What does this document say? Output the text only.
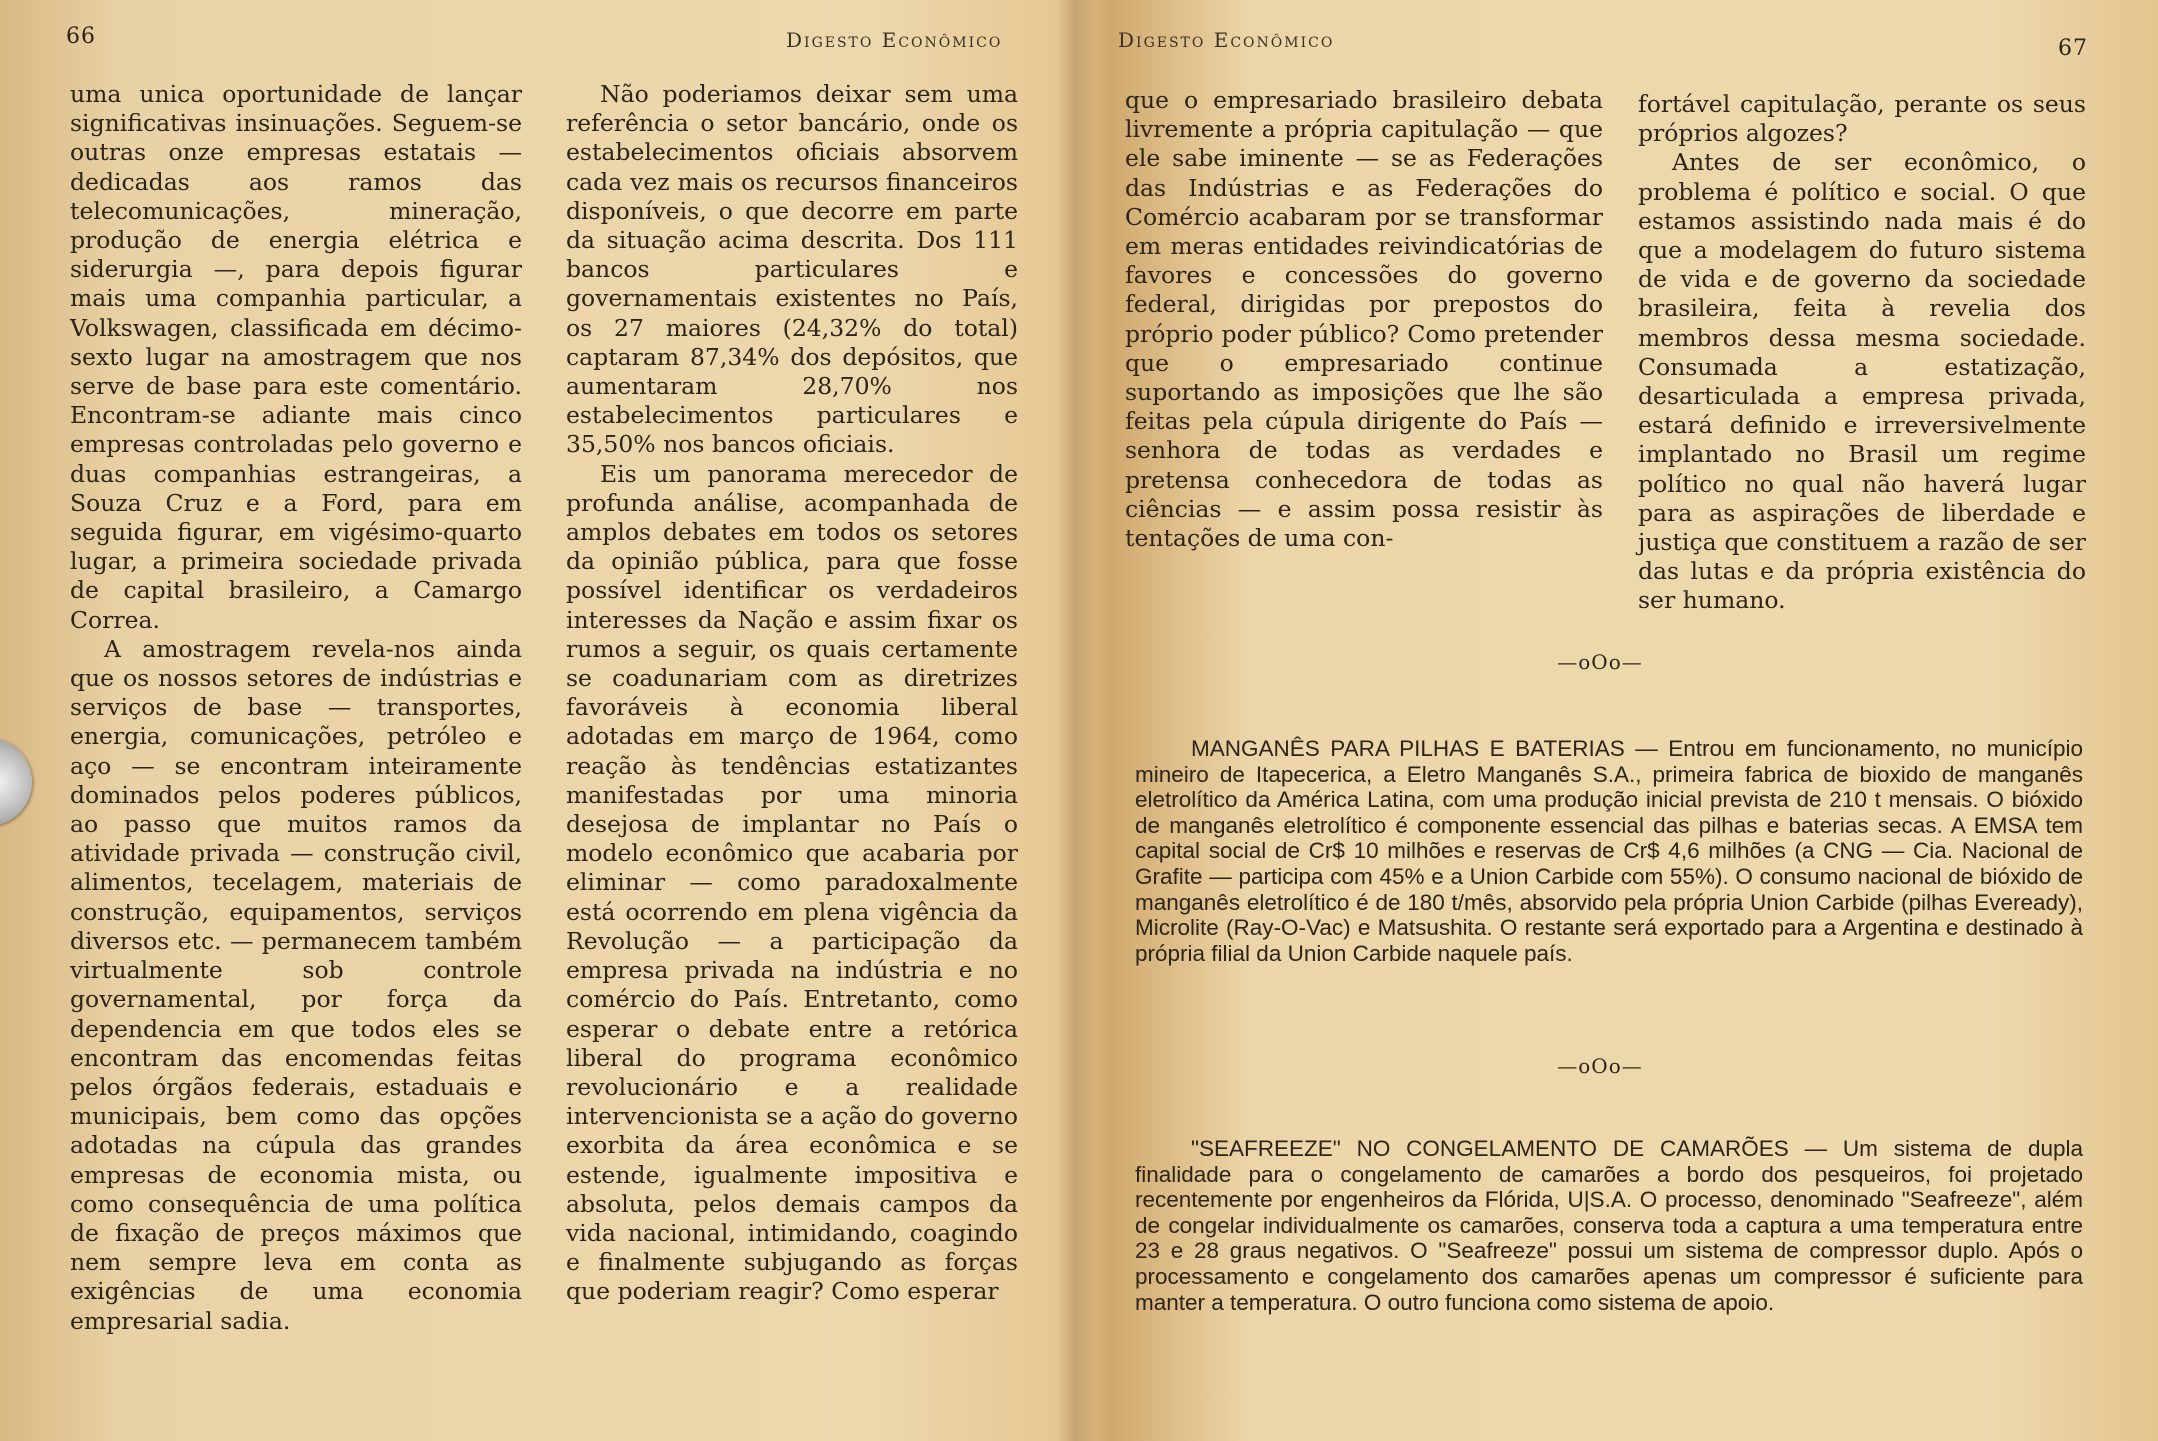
66	Digesto Econômico

uma unica oportunidade de lançar significativas insinuações. Seguem-se outras onze empresas estatais — dedicadas aos ramos das telecomunicações, mineração, produção de energia elétrica e siderurgia —, para depois figurar mais uma companhia particular, a Volkswagen, classificada em décimo-sexto lugar na amostragem que nos serve de base para este comentário. Encontram-se adiante mais cinco empresas controladas pelo governo e duas companhias estrangeiras, a Souza Cruz e a Ford, para em seguida figurar, em vigésimo-quarto lugar, a primeira sociedade privada de capital brasileiro, a Camargo Correa.

A amostragem revela-nos ainda que os nossos setores de indústrias e serviços de base — transportes, energia, comunicações, petróleo e aço — se encontram inteiramente dominados pelos poderes públicos, ao passo que muitos ramos da atividade privada — construção civil, alimentos, tecelagem, materiais de construção, equipamentos, serviços diversos etc. — permanecem também virtualmente sob controle governamental, por força da dependencia em que todos eles se encontram das encomendas feitas pelos órgãos federais, estaduais e municipais, bem como das opções adotadas na cúpula das grandes empresas de economia mista, ou como consequência de uma política de fixação de preços máximos que nem sempre leva em conta as exigências de uma economia empresarial sadia.

Não poderiamos deixar sem uma referência o setor bancário, onde os estabelecimentos oficiais absorvem cada vez mais os recursos financeiros disponíveis, o que decorre em parte da situação acima descrita. Dos 111 bancos particulares e governamentais existentes no País, os 27 maiores (24,32% do total) captaram 87,34% dos depósitos, que aumentaram 28,70% nos estabelecimentos particulares e 35,50% nos bancos oficiais.

Eis um panorama merecedor de profunda análise, acompanhada de amplos debates em todos os setores da opinião pública, para que fosse possível identificar os verdadeiros interesses da Nação e assim fixar os rumos a seguir, os quais certamente se coadunariam com as diretrizes favoráveis à economia liberal adotadas em março de 1964, como reação às tendências estatizantes manifestadas por uma minoria desejosa de implantar no País o modelo econômico que acabaria por eliminar — como paradoxalmente está ocorrendo em plena vigência da Revolução — a participação da empresa privada na indústria e no comércio do País. Entretanto, como esperar o debate entre a retórica liberal do programa econômico revolucionário e a realidade intervencionista se a ação do governo exorbita da área econômica e se estende, igualmente impositiva e absoluta, pelos demais campos da vida nacional, intimidando, coagindo e finalmente subjugando as forças que poderiam reagir? Como esperar

Digesto Econômico	67

que o empresariado brasileiro debata livremente a própria capitulação — que ele sabe iminente — se as Federações das Indústrias e as Federações do Comércio acabaram por se transformar em meras entidades reivindicatórias de favores e concessões do governo federal, dirigidas por prepostos do próprio poder público? Como pretender que o empresariado continue suportando as imposições que lhe são feitas pela cúpula dirigente do País — senhora de todas as verdades e pretensa conhecedora de todas as ciências — e assim possa resistir às tentações de uma con-

fortável capitulação, perante os seus próprios algozes?

Antes de ser econômico, o problema é político e social. O que estamos assistindo nada mais é do que a modelagem do futuro sistema de vida e de governo da sociedade brasileira, feita à revelia dos membros dessa mesma sociedade. Consumada a estatização, desarticulada a empresa privada, estará definido e irreversivelmente implantado no Brasil um regime político no qual não haverá lugar para as aspirações de liberdade e justiça que constituem a razão de ser das lutas e da própria existência do ser humano.

—oOo—

MANGANÊS PARA PILHAS E BATERIAS — Entrou em funcionamento, no município mineiro de Itapecerica, a Eletro Manganês S.A., primeira fabrica de bioxido de manganês eletrolítico da América Latina, com uma produção inicial prevista de 210 t mensais. O bióxido de manganês eletrolítico é componente essencial das pilhas e baterias secas. A EMSA tem capital social de Cr$ 10 milhões e reservas de Cr$ 4,6 milhões (a CNG — Cia. Nacional de Grafite — participa com 45% e a Union Carbide com 55%). O consumo nacional de bióxido de manganês eletrolítico é de 180 t/mês, absorvido pela própria Union Carbide (pilhas Eveready), Microlite (Ray-O-Vac) e Matsushita. O restante será exportado para a Argentina e destinado à própria filial da Union Carbide naquele país.

—oOo—

"SEAFREEZE" NO CONGELAMENTO DE CAMARÕES — Um sistema de dupla finalidade para o congelamento de camarões a bordo dos pesqueiros, foi projetado recentemente por engenheiros da Flórida, U|S.A. O processo, denominado "Seafreeze", além de congelar individualmente os camarões, conserva toda a captura a uma temperatura entre 23 e 28 graus negativos. O "Seafreeze" possui um sistema de compressor duplo. Após o processamento e congelamento dos camarões apenas um compressor é suficiente para manter a temperatura. O outro funciona como sistema de apoio.
